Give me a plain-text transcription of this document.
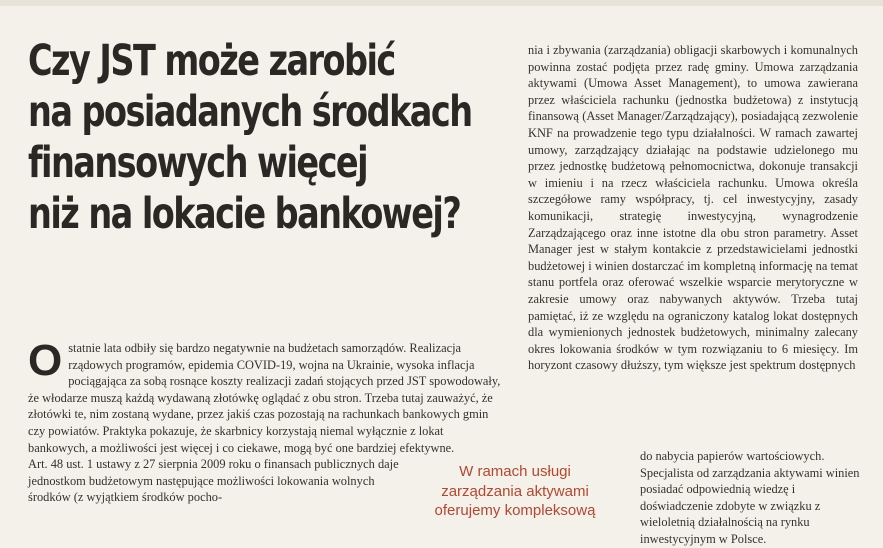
Czy JST może zarobić
na posiadanych środkach
finansowych więcej
niż na lokacie bankowej?

Ostatnie lata odbiły się bardzo negatywnie na budżetach samorządów. Realizacja rządowych programów, epidemia COVID-19, wojna na Ukrainie, wysoka inflacja pociągająca za sobą rosnące koszty realizacji zadań stojących przed JST spowodowały, że włodarze muszą każdą wydawaną złotówkę oglądać z obu stron. Trzeba tutaj zauważyć, że złotówki te, nim zostaną wydane, przez jakiś czas pozostają na rachunkach bankowych gmin czy powiatów. Praktyka pokazuje, że skarbnicy korzystają niemal wyłącznie z lokat bankowych, a możliwości jest więcej i co ciekawe, mogą być one bardziej efektywne.

Art. 48 ust. 1 ustawy z 27 sierpnia 2009 roku o finansach publicznych daje jednostkom budżetowym następujące możliwości lokowania wolnych środków (z wyjątkiem środków pocho-

W ramach usługi zarządzania aktywami oferujemy kompleksową

nia i zbywania (zarządzania) obligacji skarbowych i komunalnych powinna zostać podjęta przez radę gminy. Umowa zarządzania aktywami (Umowa Asset Management), to umowa zawierana przez właściciela rachunku (jednostka budżetowa) z instytucją finansową (Asset Manager/Zarządzający), posiadającą zezwolenie KNF na prowadzenie tego typu działalności. W ramach zawartej umowy, zarządzający działając na podstawie udzielonego mu przez jednostkę budżetową pełnomocnictwa, dokonuje transakcji w imieniu i na rzecz właściciela rachunku. Umowa określa szczegółowe ramy współpracy, tj. cel inwestycyjny, zasady komunikacji, strategię inwestycyjną, wynagrodzenie Zarządzającego oraz inne istotne dla obu stron parametry. Asset Manager jest w stałym kontakcie z przedstawicielami jednostki budżetowej i winien dostarczać im kompletną informację na temat stanu portfela oraz oferować wszelkie wsparcie merytoryczne w zakresie umowy oraz nabywanych aktywów. Trzeba tutaj pamiętać, iż ze względu na ograniczony katalog lokat dostępnych dla wymienionych jednostek budżetowych, minimalny zalecany okres lokowania środków w tym rozwiązaniu to 6 miesięcy. Im horyzont czasowy dłuższy, tym większe jest spektrum dostępnych

do nabycia papierów wartościowych. Specjalista od zarządzania aktywami winien posiadać odpowiednią wiedzę i doświadczenie zdobyte w związku z wieloletnią działalnością na rynku inwestycyjnym w Polsce.
